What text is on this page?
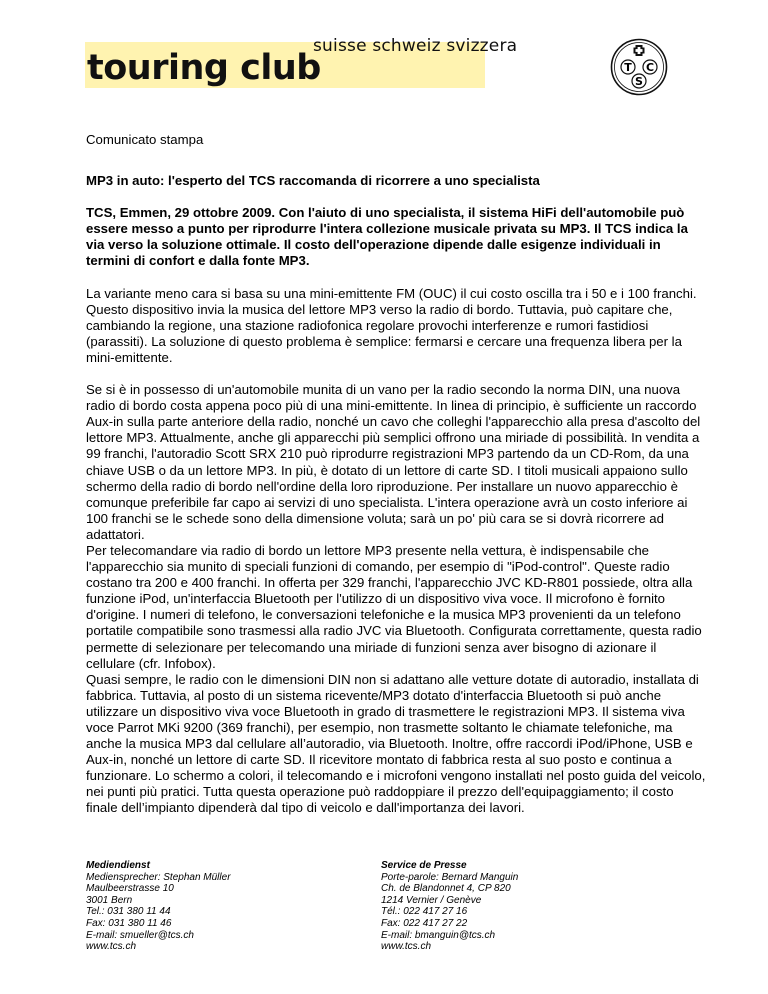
suisse schweiz svizzera
touring club	T C
S

Comunicato stampa

MP3 in auto: l'esperto del TCS raccomanda di ricorrere a uno specialista

TCS, Emmen, 29 ottobre 2009. Con l'aiuto di uno specialista, il sistema HiFi dell'automobile può essere messo a punto per riprodurre l'intera collezione musicale privata su MP3. Il TCS indica la via verso la soluzione ottimale. Il costo dell'operazione dipende dalle esigenze individuali in termini di confort e dalla fonte MP3.

La variante meno cara si basa su una mini-emittente FM (OUC) il cui costo oscilla tra i 50 e i 100 franchi. Questo dispositivo invia la musica del lettore MP3 verso la radio di bordo. Tuttavia, può capitare che, cambiando la regione, una stazione radiofonica regolare provochi interferenze e rumori fastidiosi (parassiti). La soluzione di questo problema è semplice: fermarsi e cercare una frequenza libera per la mini-emittente.

Se si è in possesso di un'automobile munita di un vano per la radio secondo la norma DIN, una nuova radio di bordo costa appena poco più di una mini-emittente. In linea di principio, è sufficiente un raccordo Aux-in sulla parte anteriore della radio, nonché un cavo che colleghi l'apparecchio alla presa d'ascolto del lettore MP3. Attualmente, anche gli apparecchi più semplici offrono una miriade di possibilità. In vendita a 99 franchi, l'autoradio Scott SRX 210 può riprodurre registrazioni MP3 partendo da un CD-Rom, da una chiave USB o da un lettore MP3. In più, è dotato di un lettore di carte SD. I titoli musicali appaiono sullo schermo della radio di bordo nell'ordine della loro riproduzione. Per installare un nuovo apparecchio è comunque preferibile far capo ai servizi di uno specialista. L'intera operazione avrà un costo inferiore ai 100 franchi se le schede sono della dimensione voluta; sarà un po' più cara se si dovrà ricorrere ad adattatori.

Per telecomandare via radio di bordo un lettore MP3 presente nella vettura, è indispensabile che l'apparecchio sia munito di speciali funzioni di comando, per esempio di "iPod-control". Queste radio costano tra 200 e 400 franchi. In offerta per 329 franchi, l'apparecchio JVC KD-R801 possiede, oltra alla funzione iPod, un'interfaccia Bluetooth per l'utilizzo di un dispositivo viva voce. Il microfono è fornito d'origine. I numeri di telefono, le conversazioni telefoniche e la musica MP3 provenienti da un telefono portatile compatibile sono trasmessi alla radio JVC via Bluetooth. Configurata correttamente, questa radio permette di selezionare per telecomando una miriade di funzioni senza aver bisogno di azionare il cellulare (cfr. Infobox).

Quasi sempre, le radio con le dimensioni DIN non si adattano alle vetture dotate di autoradio, installata di fabbrica. Tuttavia, al posto di un sistema ricevente/MP3 dotato d'interfaccia Bluetooth si può anche utilizzare un dispositivo viva voce Bluetooth in grado di trasmettere le registrazioni MP3. Il sistema viva voce Parrot MKi 9200 (369 franchi), per esempio, non trasmette soltanto le chiamate telefoniche, ma anche la musica MP3 dal cellulare all’autoradio, via Bluetooth. Inoltre, offre raccordi iPod/iPhone, USB e Aux-in, nonché un lettore di carte SD. Il ricevitore montato di fabbrica resta al suo posto e continua a funzionare. Lo schermo a colori, il telecomando e i microfoni vengono installati nel posto guida del veicolo, nei punti più pratici. Tutta questa operazione può raddoppiare il prezzo dell'equipaggiamento; il costo finale dell’impianto dipenderà dal tipo di veicolo e dall'importanza dei lavori.

Mediendienst
Mediensprecher: Stephan Müller
Maulbeerstrasse 10
3001 Bern
Tel.: 031 380 11 44
Fax: 031 380 11 46
E-mail: smueller@tcs.ch
www.tcs.ch
Service de Presse
Porte-parole: Bernard Manguin
Ch. de Blandonnet 4, CP 820
1214 Vernier / Genève
Tél.: 022 417 27 16
Fax: 022 417 27 22
E-mail: bmanguin@tcs.ch
www.tcs.ch
